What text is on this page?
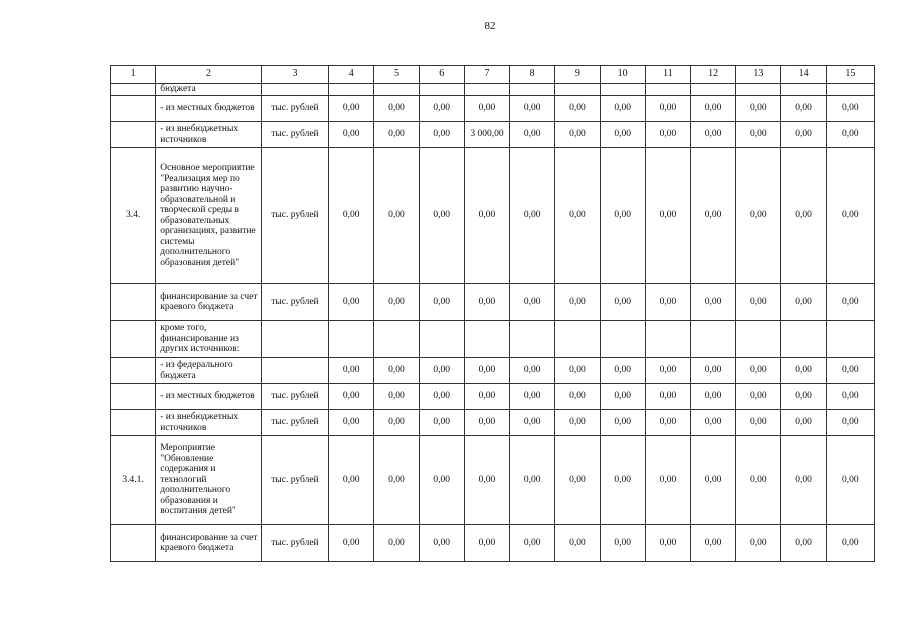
82
1	2	3	4	5	6	7	8	9	10	11	12	13	14	15
	бюджета													
	- из местных бюджетов	тыс. рублей	0,00	0,00	0,00	0,00	0,00	0,00	0,00	0,00	0,00	0,00	0,00	0,00
	- из внебюджетных источников	тыс. рублей	0,00	0,00	0,00	3 000,00	0,00	0,00	0,00	0,00	0,00	0,00	0,00	0,00
3.4.	Основное мероприятие "Реализация мер по развитию научно-образовательной и творческой среды в образовательных организациях, развитие системы дополнительного образования детей"	тыс. рублей	0,00	0,00	0,00	0,00	0,00	0,00	0,00	0,00	0,00	0,00	0,00	0,00
	финансирование за счет краевого бюджета	тыс. рублей	0,00	0,00	0,00	0,00	0,00	0,00	0,00	0,00	0,00	0,00	0,00	0,00
	кроме того, финансирование из других источников:													
	- из федерального бюджета		0,00	0,00	0,00	0,00	0,00	0,00	0,00	0,00	0,00	0,00	0,00	0,00
	- из местных бюджетов	тыс. рублей	0,00	0,00	0,00	0,00	0,00	0,00	0,00	0,00	0,00	0,00	0,00	0,00
	- из внебюджетных источников	тыс. рублей	0,00	0,00	0,00	0,00	0,00	0,00	0,00	0,00	0,00	0,00	0,00	0,00
3.4.1.	Мероприятие "Обновление содержания и технологий дополнительного образования и воспитания детей"	тыс. рублей	0,00	0,00	0,00	0,00	0,00	0,00	0,00	0,00	0,00	0,00	0,00	0,00
	финансирование за счет краевого бюджета	тыс. рублей	0,00	0,00	0,00	0,00	0,00	0,00	0,00	0,00	0,00	0,00	0,00	0,00
